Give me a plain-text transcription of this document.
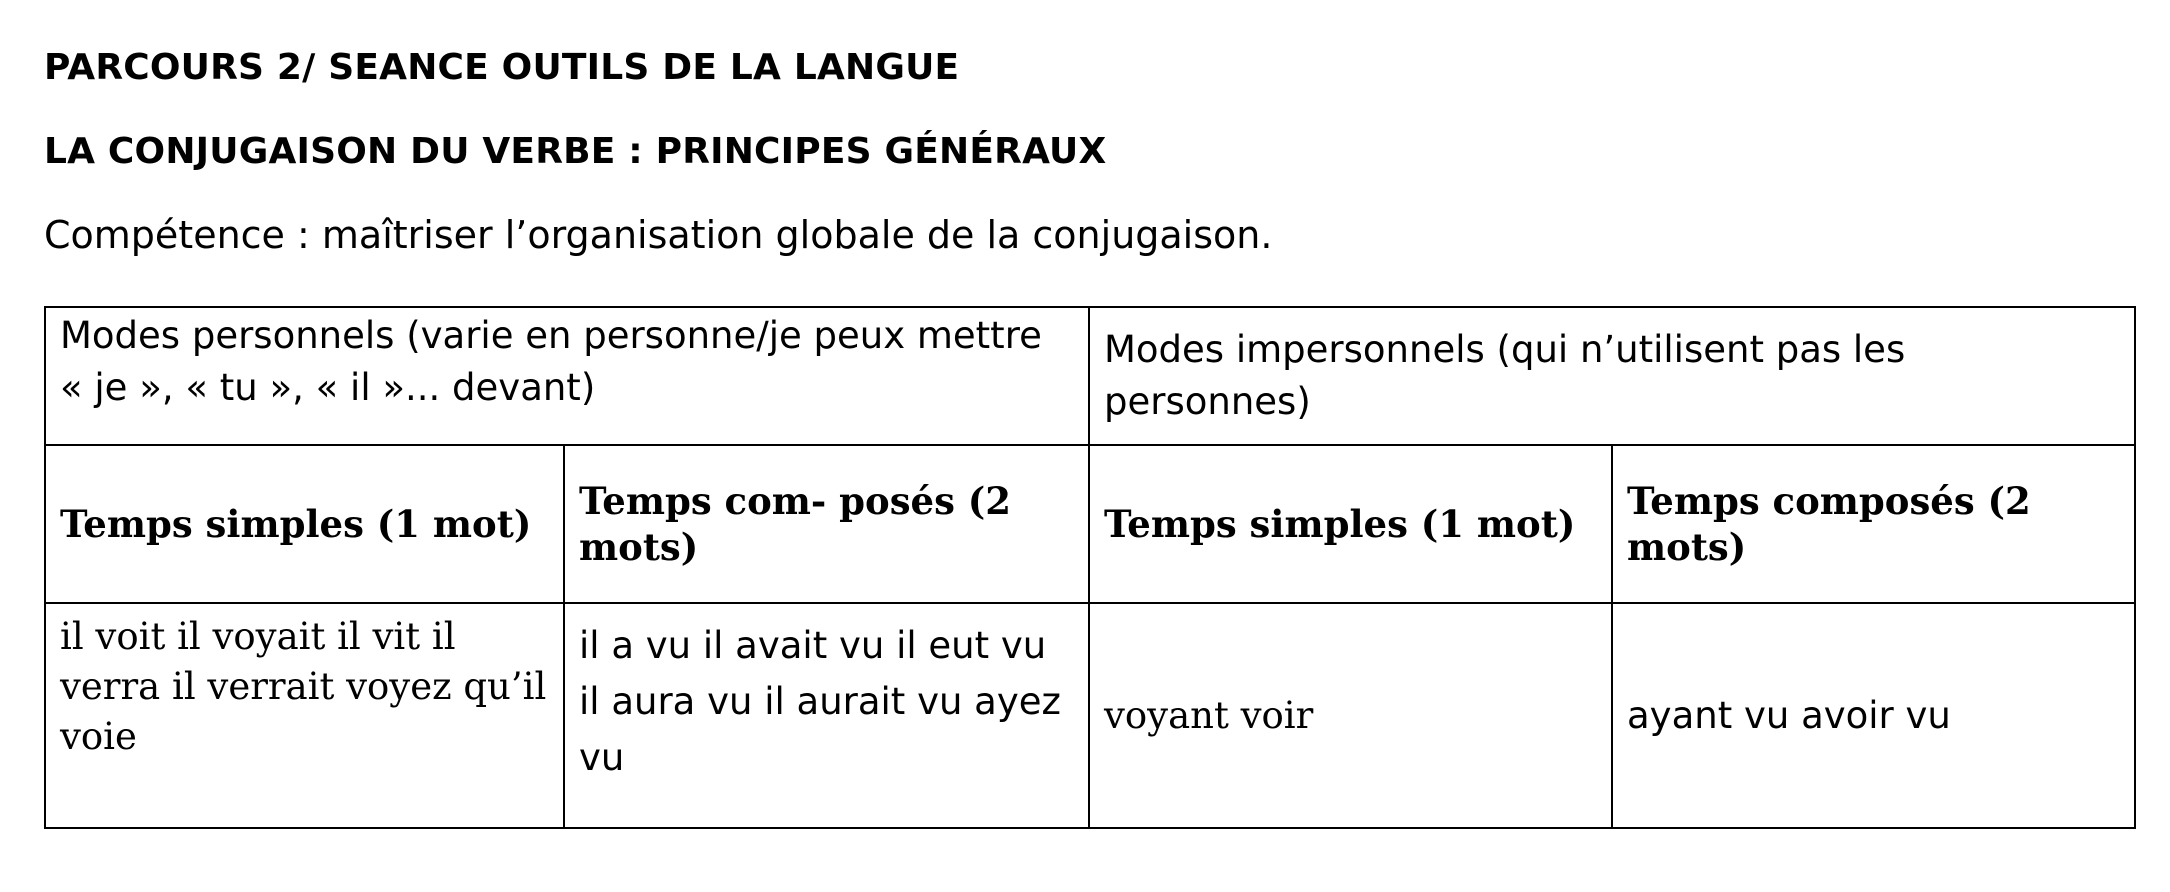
PARCOURS 2/ SEANCE OUTILS DE LA LANGUE
LA CONJUGAISON DU VERBE : PRINCIPES GÉNÉRAUX

Compétence : maîtriser l’organisation globale de la conjugaison.

Modes personnels (varie en personne/je peux mettre « je », « tu », « il »... devant)		Modes impersonnels (qui n’utilisent pas les personnes)	
Temps simples (1 mot)	Temps com- posés (2 mots)	Temps simples (1 mot)	Temps composés (2 mots)
il voit il voyait il vit il verra il verrait voyez qu’il voie	il a vu il avait vu il eut vu il aura vu il aurait vu ayez vu	voyant voir	ayant vu avoir vu
